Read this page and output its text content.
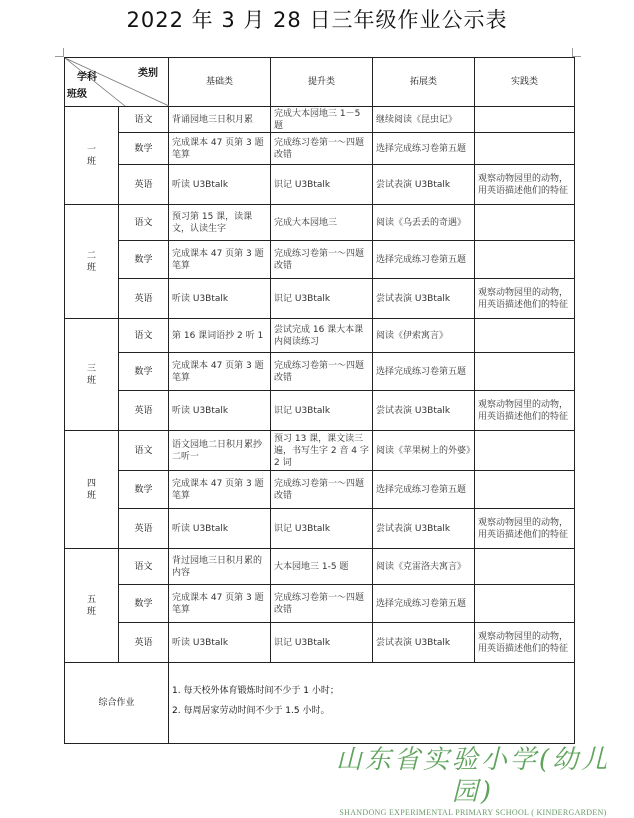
2022 年 3 月 28 日三年级作业公示表
类别
学科
班级		基础类	提升类	拓展类	实践类

一
班	语文	背诵园地三日积月累	完成大本园地三 1－5 题	继续阅读《昆虫记》	
	数学	完成课本 47 页第 3 题笔算	完成练习卷第一～四题改错	选择完成练习卷第五题	
	英语	听读 U3Btalk	识记 U3Btalk	尝试表演 U3Btalk	观察动物园里的动物，用英语描述他们的特征

二
班	语文	预习第 15 课，读课文，认读生字	完成大本园地三	阅读《乌丢丢的奇遇》	
	数学	完成课本 47 页第 3 题笔算	完成练习卷第一～四题改错	选择完成练习卷第五题	
	英语	听读 U3Btalk	识记 U3Btalk	尝试表演 U3Btalk	观察动物园里的动物，用英语描述他们的特征

三
班	语文	第 16 课词语抄 2 听 1	尝试完成 16 课大本课内阅读练习	阅读《伊索寓言》	
	数学	完成课本 47 页第 3 题笔算	完成练习卷第一～四题改错	选择完成练习卷第五题	
	英语	听读 U3Btalk	识记 U3Btalk	尝试表演 U3Btalk	观察动物园里的动物，用英语描述他们的特征

四
班	语文	语文园地二日积月累抄二听一	预习 13 课，课文读三遍，书写生字 2 音 4 字 2 词	阅读《苹果树上的外婆》	
	数学	完成课本 47 页第 3 题笔算	完成练习卷第一～四题改错	选择完成练习卷第五题	
	英语	听读 U3Btalk	识记 U3Btalk	尝试表演 U3Btalk	观察动物园里的动物，用英语描述他们的特征

五
班	语文	背过园地三日积月累的内容	大本园地三 1-5 题	阅读《克雷洛夫寓言》	
	数学	完成课本 47 页第 3 题笔算	完成练习卷第一～四题改错	选择完成练习卷第五题	
	英语	听读 U3Btalk	识记 U3Btalk	尝试表演 U3Btalk	观察动物园里的动物，用英语描述他们的特征
综合作业		1. 每天校外体育锻炼时间不少于 1 小时；
2. 每周居家劳动时间不少于 1.5 小时。			
山东省实验小学(幼儿园)
SHANDONG EXPERIMENTAL PRIMARY SCHOOL ( KINDERGARDEN)
